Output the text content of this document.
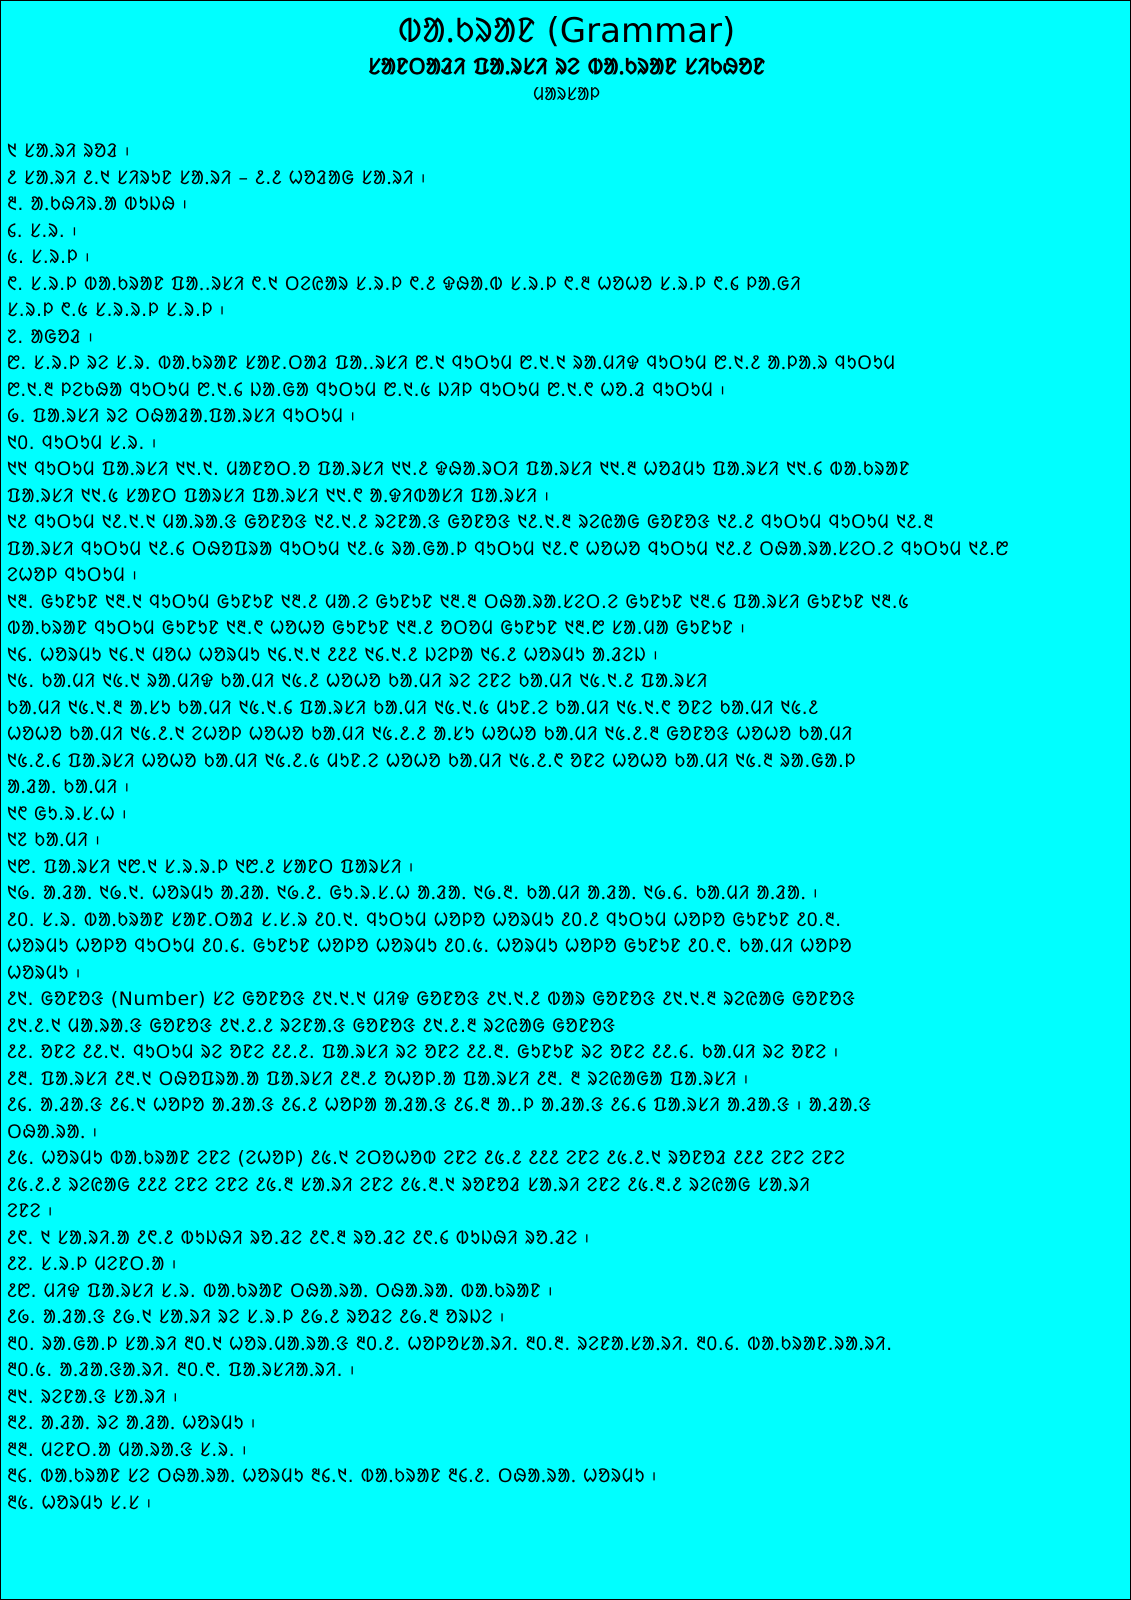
ᱵᱟᱹᱠᱨᱟᱱ (Grammar)
ᱥᱟᱱᱛᱟᱲᱤ ᱯᱟᱹᱨᱥᱤ ᱨᱮ ᱵᱟᱹᱠᱨᱟᱱ ᱥᱤᱠᱷᱚᱱ
ᱢᱟᱨᱥᱟᱞ
᱑ ᱥᱟᱹᱨᱤ ᱨᱚᱲ ᱾
᱒ ᱥᱟᱹᱨᱤ ᱒.᱑ ᱥᱤᱨᱩᱱ ᱥᱟᱹᱨᱤ – ᱒.᱒ ᱦᱚᱲᱟᱜ ᱥᱟᱹᱨᱤ ᱾
᱓. ᱟᱹᱠᱷᱤᱨ.ᱟ ᱵᱩᱡᱷ ᱾
᱔. ᱥ.ᱨ. ᱾
᱕. ᱥ.ᱨ.ᱞ ᱾
᱖. ᱥ.ᱨ.ᱞ ᱵᱟᱹᱠᱨᱟᱱ ᱯᱟᱹ.ᱨᱥᱤ ᱖.᱑ ᱛᱮᱭᱟᱨ ᱥ.ᱨ.ᱞ ᱖.᱒ ᱫᱷᱟᱹᱵ ᱥ.ᱨ.ᱞ ᱖.᱓ ᱦᱚᱦᱚ ᱥ.ᱨ.ᱞ ᱖.᱔ ᱞᱟᱹᱜᱤ
ᱥ.ᱨ.ᱞ ᱖.᱕ ᱥ.ᱨ.ᱨ.ᱞ ᱥ.ᱨ.ᱞ ᱾
᱗. ᱟᱜᱚᱲ ᱾
᱘. ᱥ.ᱨ.ᱞ ᱨᱮ ᱥ.ᱨ. ᱵᱟᱹᱠᱨᱟᱱ ᱥᱟᱱ.ᱛᱟᱲ ᱯᱟᱹ.ᱨᱥᱤ ᱘.᱑ ᱧᱩᱛᱩᱢ ᱘.᱑.᱑ ᱨᱟᱹᱢᱤᱫ ᱧᱩᱛᱩᱢ ᱘.᱑.᱒ ᱟᱹᱞᱟᱹᱨ ᱧᱩᱛᱩᱢ
᱘.᱑.᱓ ᱞᱮᱠᱷᱟ ᱧᱩᱛᱩᱢ ᱘.᱑.᱔ ᱡᱟ.ᱜᱟ ᱧᱩᱛᱩᱢ ᱘.᱑.᱕ ᱡᱤᱞ ᱧᱩᱛᱩᱢ ᱘.᱑.᱖ ᱦᱚ.ᱲ ᱧᱩᱛᱩᱢ ᱾
᱙. ᱯᱟᱹᱨᱥᱤ ᱨᱮ ᱛᱷᱟᱲᱟᱹᱯᱟᱹᱨᱥᱤ ᱧᱩᱛᱩᱢ ᱾
᱑᱐. ᱧᱩᱛᱩᱢ ᱥ.ᱨ. ᱾
᱑᱑ ᱧᱩᱛᱩᱢ ᱯᱟᱹᱨᱥᱤ ᱑᱑.᱑. ᱢᱟᱱᱚᱛ.ᱚ ᱯᱟᱹᱨᱥᱤ ᱑᱑.᱒ ᱫᱷᱟᱹᱨᱛᱤ ᱯᱟᱹᱨᱥᱤ ᱑᱑.᱓ ᱦᱚᱲᱢᱩ ᱯᱟᱹᱨᱥᱤ ᱑᱑.᱔ ᱵᱟᱹᱠᱨᱟᱱ
ᱯᱟᱹᱨᱥᱤ ᱑᱑.᱕ ᱥᱟᱱᱛ ᱯᱟᱨᱥᱤ ᱯᱟᱹᱨᱥᱤ ᱑᱑.᱖ ᱟᱹᱫᱤᱵᱟᱥᱤ ᱯᱟᱹᱨᱥᱤ ᱾
᱑᱒ ᱧᱩᱛᱩᱢ ᱑᱒.᱑.᱑ ᱢᱟᱹᱨᱟᱹᱝ ᱜᱚᱱᱚᱝ ᱑᱒.᱑.᱒ ᱨᱮᱱᱟᱹᱝ ᱜᱚᱱᱚᱝ ᱑᱒.᱑.᱓ ᱨᱮᱭᱟᱜ ᱜᱚᱱᱚᱝ ᱑᱒.᱒ ᱧᱩᱛᱩᱢ ᱧᱩᱛᱩᱢ ᱑᱒.᱓
ᱯᱟᱹᱨᱥᱤ ᱧᱩᱛᱩᱢ ᱑᱒.᱔ ᱛᱷᱚᱯᱨᱟ ᱧᱩᱛᱩᱢ ᱑᱒.᱕ ᱨᱟ.ᱜᱟ.ᱞ ᱧᱩᱛᱩᱢ ᱑᱒.᱖ ᱦᱚᱦᱚ ᱧᱩᱛᱩᱢ ᱑᱒.᱒ ᱛᱷᱟᱹᱨᱟᱹᱥᱮᱛ.ᱮ ᱧᱩᱛᱩᱢ ᱑᱒.᱘
ᱮᱦᱚᱞ ᱧᱩᱛᱩᱢ ᱾
᱑᱓. ᱜᱩᱱᱩᱱ ᱑᱓.᱑ ᱧᱩᱛᱩᱢ ᱜᱩᱱᱩᱱ ᱑᱓.᱒ ᱢᱟ.ᱮ ᱜᱩᱱᱩᱱ ᱑᱓.᱓ ᱛᱷᱟᱹᱨᱟᱹᱥᱮᱛ.ᱮ ᱜᱩᱱᱩᱱ ᱑᱓.᱔ ᱯᱟᱹᱨᱥᱤ ᱜᱩᱱᱩᱱ ᱑᱓.᱕
ᱵᱟᱹᱠᱨᱟᱱ ᱧᱩᱛᱩᱢ ᱜᱩᱱᱩᱱ ᱑᱓.᱖ ᱦᱚᱦᱚ ᱜᱩᱱᱩᱱ ᱑᱓.᱒ ᱚᱛᱚᱢ ᱜᱩᱱᱩᱱ ᱑᱓.᱘ ᱥᱟ.ᱢᱟ ᱜᱩᱱᱩᱱ ᱾
᱑᱔. ᱦᱚᱨᱢᱩ ᱑᱔.᱑ ᱢᱚᱦ ᱦᱚᱨᱢᱩ ᱑᱔.᱑.᱑ ᱒᱒᱒ ᱑᱔.᱑.᱒ ᱡᱮᱞᱟ ᱑᱔.᱒ ᱦᱚᱨᱢᱩ ᱟᱹᱲᱮᱡ ᱾
᱑᱕. ᱠᱟᱹᱢᱤ ᱑᱕.᱑ ᱨᱟᱹᱢᱤᱫ ᱠᱟᱹᱢᱤ ᱑᱕.᱒ ᱦᱚᱦᱚ ᱠᱟᱹᱢᱤ ᱨᱮ ᱮᱱᱮ ᱠᱟᱹᱢᱤ ᱑᱕.᱑.᱒ ᱯᱟᱹᱨᱥᱤ
ᱠᱟᱹᱢᱤ ᱑᱕.᱑.᱓ ᱟᱹᱥᱩ ᱠᱟᱹᱢᱤ ᱑᱕.᱑.᱔ ᱯᱟᱹᱨᱥᱤ ᱠᱟᱹᱢᱤ ᱑᱕.᱑.᱕ ᱢᱩᱱ.ᱮ ᱠᱟᱹᱢᱤ ᱑᱕.᱑.᱖ ᱚᱱᱮ ᱠᱟᱹᱢᱤ ᱑᱕.᱒
ᱦᱚᱦᱚ ᱠᱟᱹᱢᱤ ᱑᱕.᱒.᱑ ᱮᱦᱚᱞ ᱦᱚᱦᱚ ᱠᱟᱹᱢᱤ ᱑᱕.᱒.᱒ ᱟᱹᱥᱩ ᱦᱚᱦᱚ ᱠᱟᱹᱢᱤ ᱑᱕.᱒.᱓ ᱜᱚᱱᱚᱝ ᱦᱚᱦᱚ ᱠᱟᱹᱢᱤ
᱑᱕.᱒.᱔ ᱯᱟᱹᱨᱥᱤ ᱦᱚᱦᱚ ᱠᱟᱹᱢᱤ ᱑᱕.᱒.᱕ ᱢᱩᱱ.ᱮ ᱦᱚᱦᱚ ᱠᱟᱹᱢᱤ ᱑᱕.᱒.᱖ ᱚᱱᱮ ᱦᱚᱦᱚ ᱠᱟᱹᱢᱤ ᱑᱕.᱓ ᱨᱟ.ᱜᱟ.ᱞ
ᱟᱹᱲᱟᱹ ᱠᱟᱹᱢᱤ ᱾
᱑᱖ ᱜᱩ.ᱨ.ᱥ.ᱦ ᱾
᱑᱗ ᱠᱟᱹᱢᱤ ᱾
᱑᱘. ᱯᱟᱹᱨᱥᱤ ᱑᱘.᱑ ᱥ.ᱨ.ᱨ.ᱞ ᱑᱘.᱒ ᱥᱟᱱᱛ ᱯᱟᱨᱥᱤ ᱾
᱑᱙. ᱟᱹᱲᱟᱹ ᱑᱙.᱑. ᱦᱚᱨᱢᱩ ᱟᱹᱲᱟᱹ ᱑᱙.᱒. ᱜᱩ.ᱨ.ᱥ.ᱦ ᱟᱹᱲᱟᱹ ᱑᱙.᱓. ᱠᱟᱹᱢᱤ ᱟᱹᱲᱟᱹ ᱑᱙.᱔. ᱠᱟᱹᱢᱤ ᱟᱹᱲᱟᱹ ᱾
᱒᱐. ᱥ.ᱨ. ᱵᱟᱹᱠᱨᱟᱱ ᱥᱟᱱ.ᱛᱟᱲ ᱥ.ᱥ.ᱨ ᱒᱐.᱑. ᱧᱩᱛᱩᱢ ᱦᱚᱞᱚ ᱦᱚᱨᱢᱩ ᱒᱐.᱒ ᱧᱩᱛᱩᱢ ᱦᱚᱞᱚ ᱜᱩᱱᱩᱱ ᱒᱐.᱓.
ᱦᱚᱨᱢᱩ ᱦᱚᱞᱚ ᱧᱩᱛᱩᱢ ᱒᱐.᱔. ᱜᱩᱱᱩᱱ ᱦᱚᱞᱚ ᱦᱚᱨᱢᱩ ᱒᱐.᱕. ᱦᱚᱨᱢᱩ ᱦᱚᱞᱚ ᱜᱩᱱᱩᱱ ᱒᱐.᱖. ᱠᱟᱹᱢᱤ ᱦᱚᱞᱚ
ᱦᱚᱨᱢᱩ ᱾
᱒᱑. ᱜᱚᱱᱚᱝ (Number) ᱥᱮ ᱜᱚᱱᱚᱝ ᱒᱑.᱑.᱑ ᱢᱤᱫ ᱜᱚᱱᱚᱝ ᱒᱑.᱑.᱒ ᱵᱟᱨ ᱜᱚᱱᱚᱝ ᱒᱑.᱑.᱓ ᱨᱮᱭᱟᱜ ᱜᱚᱱᱚᱝ
᱒᱑.᱒.᱑ ᱢᱟᱹᱨᱟᱹᱝ ᱜᱚᱱᱚᱝ ᱒᱑.᱒.᱒ ᱨᱮᱱᱟᱹᱝ ᱜᱚᱱᱚᱝ ᱒᱑.᱒.᱓ ᱨᱮᱭᱟᱜ ᱜᱚᱱᱚᱝ
᱒᱒. ᱚᱱᱮ ᱒᱒.᱑. ᱧᱩᱛᱩᱢ ᱨᱮ ᱚᱱᱮ ᱒᱒.᱒. ᱯᱟᱹᱨᱥᱤ ᱨᱮ ᱚᱱᱮ ᱒᱒.᱓. ᱜᱩᱱᱩᱱ ᱨᱮ ᱚᱱᱮ ᱒᱒.᱔. ᱠᱟᱹᱢᱤ ᱨᱮ ᱚᱱᱮ ᱾
᱒᱓. ᱯᱟᱹᱨᱥᱤ ᱒᱓.᱑ ᱛᱷᱚᱯᱨᱟ.ᱟ ᱯᱟᱹᱨᱥᱤ ᱒᱓.᱒ ᱚᱦᱚᱞ.ᱟ ᱯᱟᱹᱨᱥᱤ ᱒᱓. ᱓ ᱨᱮᱭᱟᱜᱟ ᱯᱟᱹᱨᱥᱤ ᱾
᱒᱔. ᱟᱹᱲᱟᱹᱝ ᱒᱔.᱑ ᱦᱚᱞᱚ ᱟᱹᱲᱟᱹᱝ ᱒᱔.᱒ ᱦᱚᱞᱟ ᱟᱹᱲᱟᱹᱝ ᱒᱔.᱓ ᱟᱹ.ᱞ ᱟᱹᱲᱟᱹᱝ ᱒᱔.᱔ ᱯᱟᱹᱨᱥᱤ ᱟᱹᱲᱟᱹᱝ ᱾ ᱟᱹᱲᱟᱹᱝ
ᱛᱷᱟᱹᱨᱟᱹ ᱾
᱒᱕. ᱦᱚᱨᱢᱩ ᱵᱟᱹᱠᱨᱟᱱ ᱮᱱᱮ (ᱮᱦᱚᱞ) ᱒᱕.᱑ ᱮᱛᱚᱦᱚᱵ ᱮᱱᱮ ᱒᱕.᱒ ᱒᱒᱒ ᱮᱱᱮ ᱒᱕.᱒.᱑ ᱨᱚᱱᱚᱲ ᱒᱒᱒ ᱮᱱᱮ ᱮᱱᱮ
᱒᱕.᱒.᱒ ᱨᱮᱭᱟᱜ ᱒᱒᱒ ᱮᱱᱮ ᱮᱱᱮ ᱒᱕.᱓ ᱥᱟᱹᱨᱤ ᱮᱱᱮ ᱒᱕.᱓.᱑ ᱨᱚᱱᱚᱲ ᱥᱟᱹᱨᱤ ᱮᱱᱮ ᱒᱕.᱓.᱒ ᱨᱮᱭᱟᱜ ᱥᱟᱹᱨᱤ
ᱮᱱᱮ ᱾
᱒᱖. ᱑ ᱥᱟᱹᱨᱤ.ᱟ ᱒᱖.᱒ ᱵᱩᱡᱷᱤ ᱨᱚ.ᱲᱮ ᱒᱖.᱓ ᱨᱚ.ᱲᱮ ᱒᱖.᱔ ᱵᱩᱡᱷᱤ ᱨᱚ.ᱲᱮ ᱾
᱒᱗. ᱥ.ᱨ.ᱞ ᱢᱮᱱᱛ.ᱟ ᱾
᱒᱘. ᱢᱤᱫ ᱯᱟᱹᱨᱥᱤ ᱥ.ᱨ. ᱵᱟᱹᱠᱨᱟᱱ ᱛᱷᱟᱹᱨᱟᱹ ᱛᱷᱟᱹᱨᱟᱹ ᱵᱟᱹᱠᱨᱟᱱ ᱾
᱒᱙. ᱟᱹᱲᱟᱹᱝ ᱒᱙.᱑ ᱥᱟᱹᱨᱤ ᱨᱮ ᱥ.ᱨ.ᱞ ᱒᱙.᱒ ᱨᱚᱲᱮ ᱒᱙.᱓ ᱚᱨᱡᱮ ᱾
᱓᱐. ᱨᱟ.ᱜᱟ.ᱞ ᱥᱟᱹᱨᱤ ᱓᱐.᱑ ᱦᱚᱨ.ᱢᱟᱹᱨᱟᱹᱝ ᱓᱐.᱒. ᱦᱚᱞᱚᱥᱟᱹᱨᱤ. ᱓᱐.᱓. ᱨᱮᱱᱟᱹᱥᱟᱹᱨᱤ. ᱓᱐.᱔. ᱵᱟᱹᱠᱨᱟᱱ.ᱨᱟᱹᱨᱤ.
᱓᱐.᱕. ᱟᱹᱲᱟᱹᱝᱟᱹᱨᱤ. ᱓᱐.᱖. ᱯᱟᱹᱨᱥᱤᱟᱹᱨᱤ. ᱾
᱓᱑. ᱨᱮᱱᱟᱹᱝ ᱥᱟᱹᱨᱤ ᱾
᱓᱒. ᱟᱹᱲᱟᱹ ᱨᱮ ᱟᱹᱲᱟᱹ ᱦᱚᱨᱢᱩ ᱾
᱓᱓. ᱢᱮᱱᱛ.ᱟ ᱢᱟᱹᱨᱟᱹᱝ ᱥ.ᱨ. ᱾
᱓᱔. ᱵᱟᱹᱠᱨᱟᱱ ᱥᱮ ᱛᱷᱟᱹᱨᱟᱹ ᱦᱚᱨᱢᱩ ᱓᱔.᱑. ᱵᱟᱹᱠᱨᱟᱱ ᱓᱔.᱒. ᱛᱷᱟᱹᱨᱟᱹ ᱦᱚᱨᱢᱩ ᱾
᱓᱕. ᱦᱚᱨᱢᱩ ᱥ.ᱥ ᱾
